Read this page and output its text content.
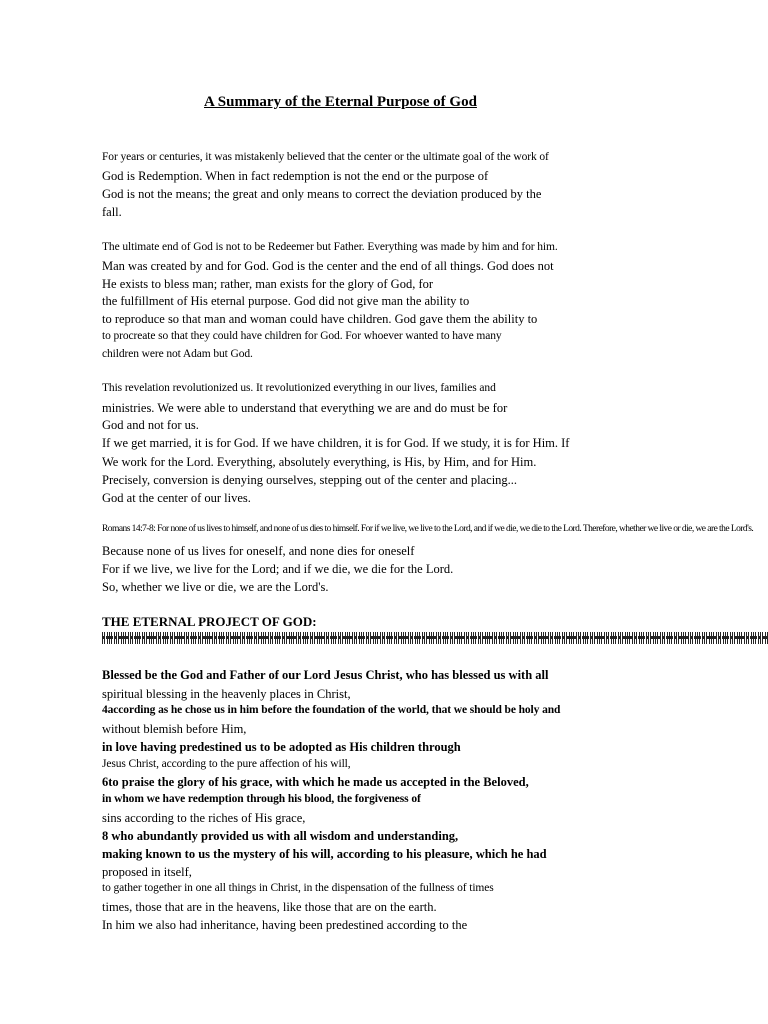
A Summary of the Eternal Purpose of God
For years or centuries, it was mistakenly believed that the center or the ultimate goal of the work of
God is Redemption. When in fact redemption is not the end or the purpose of
God is not the means; the great and only means to correct the deviation produced by the
fall.
The ultimate end of God is not to be Redeemer but Father. Everything was made by him and for him.
Man was created by and for God. God is the center and the end of all things. God does not
He exists to bless man; rather, man exists for the glory of God, for
the fulfillment of His eternal purpose. God did not give man the ability to
to reproduce so that man and woman could have children. God gave them the ability to
to procreate so that they could have children for God. For whoever wanted to have many
children were not Adam but God.
This revelation revolutionized us. It revolutionized everything in our lives, families and
ministries. We were able to understand that everything we are and do must be for
God and not for us.
If we get married, it is for God. If we have children, it is for God. If we study, it is for Him. If
We work for the Lord. Everything, absolutely everything, is His, by Him, and for Him.
Precisely, conversion is denying ourselves, stepping out of the center and placing...
God at the center of our lives.
Romans 14:7-8: For none of us lives to himself, and none of us dies to himself. For if we live, we live to the Lord, and if we die, we die to the Lord. Therefore, whether we live or die, we are the Lord's.
Because none of us lives for oneself, and none dies for oneself
For if we live, we live for the Lord; and if we die, we die for the Lord.
So, whether we live or die, we are the Lord's.
THE ETERNAL PROJECT OF GOD:
Blessed be the God and Father of our Lord Jesus Christ, who has blessed us with all
spiritual blessing in the heavenly places in Christ,
4according as he chose us in him before the foundation of the world, that we should be holy and
without blemish before Him,
in love having predestined us to be adopted as His children through
Jesus Christ, according to the pure affection of his will,
6to praise the glory of his grace, with which he made us accepted in the Beloved,
in whom we have redemption through his blood, the forgiveness of
sins according to the riches of His grace,
8 who abundantly provided us with all wisdom and understanding,
making known to us the mystery of his will, according to his pleasure, which he had
proposed in itself,
to gather together in one all things in Christ, in the dispensation of the fullness of times
times, those that are in the heavens, like those that are on the earth.
In him we also had inheritance, having been predestined according to the
